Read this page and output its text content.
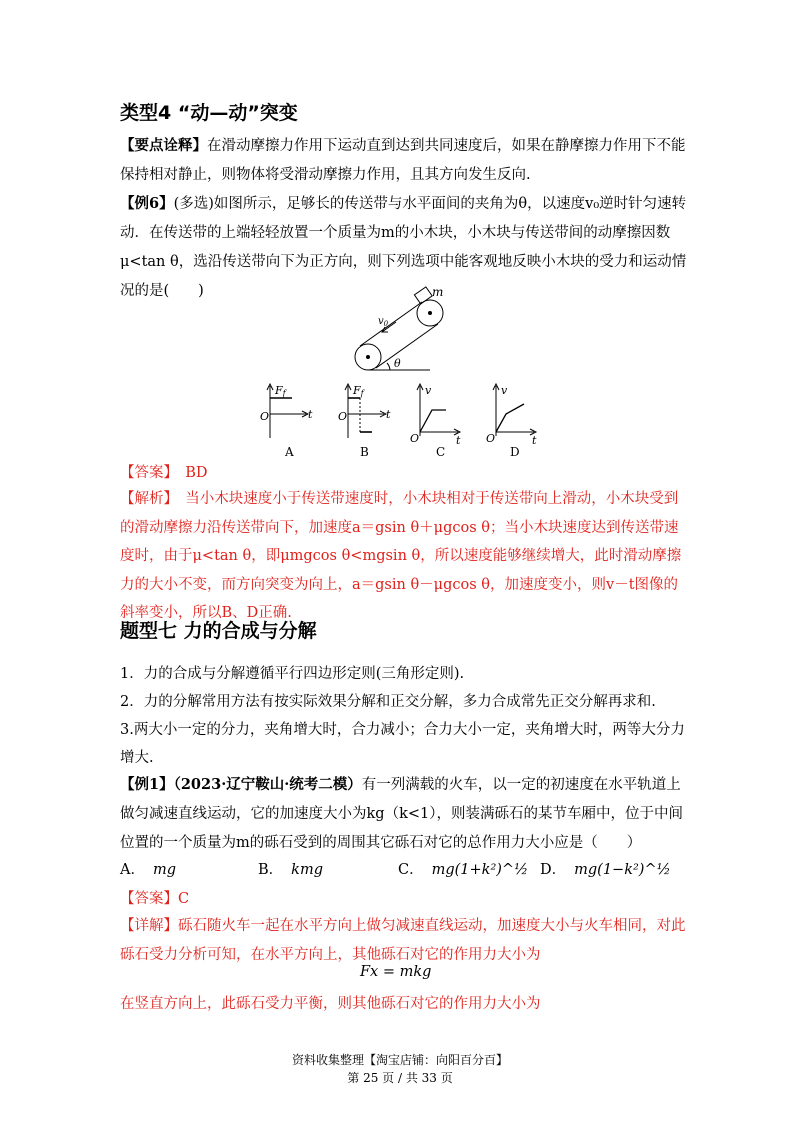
类型4 “动—动”突变
【要点诠释】在滑动摩擦力作用下运动直到达到共同速度后，如果在静摩擦力作用下不能保持相对静止，则物体将受滑动摩擦力作用，且其方向发生反向.
【例6】(多选)如图所示，足够长的传送带与水平面间的夹角为θ，以速度v₀逆时针匀速转动．在传送带的上端轻轻放置一个质量为m的小木块，小木块与传送带间的动摩擦因数μ<tan θ，选沿传送带向下为正方向，则下列选项中能客观地反映小木块的受力和运动情况的是(　　)	m
$v_0$
θ
Ff
O	t
A
Ff
O	t
B
v
O	t
C
v
O	t
D
【答案】　 BD
【解析】　 当小木块速度小于传送带速度时，小木块相对于传送带向上滑动，小木块受到的滑动摩擦力沿传送带向下，加速度a＝gsin θ＋μgcos θ；当小木块速度达到传送带速度时，由于μ<tan θ，即μmgcos θ<mgsin θ，所以速度能够继续增大，此时滑动摩擦力的大小不变，而方向突变为向上，a＝gsin θ－μgcos θ，加速度变小，则v－t图像的斜率变小，所以B、D正确.
题型七 力的合成与分解
1．力的合成与分解遵循平行四边形定则(三角形定则).
2．力的分解常用方法有按实际效果分解和正交分解，多力合成常先正交分解再求和.
3.两大小一定的分力，夹角增大时，合力减小；合力大小一定，夹角增大时，两等大分力增大.
【例1】（2023·辽宁鞍山·统考二模）有一列满载的火车，以一定的初速度在水平轨道上做匀减速直线运动，它的加速度大小为kg（k<1），则装满砾石的某节车厢中，位于中间位置的一个质量为m的砾石受到的周围其它砾石对它的总作用力大小应是（　　）
A． mg	B． kmg	C． mg(1+k²)^½ D． mg(1−k²)^½
【答案】C
【详解】砾石随火车一起在水平方向上做匀减速直线运动，加速度大小与火车相同，对此砾石受力分析可知，在水平方向上，其他砾石对它的作用力大小为
Fx = mkg
在竖直方向上，此砾石受力平衡，则其他砾石对它的作用力大小为
资料收集整理【淘宝店铺：向阳百分百】
第 25 页 / 共 33 页
